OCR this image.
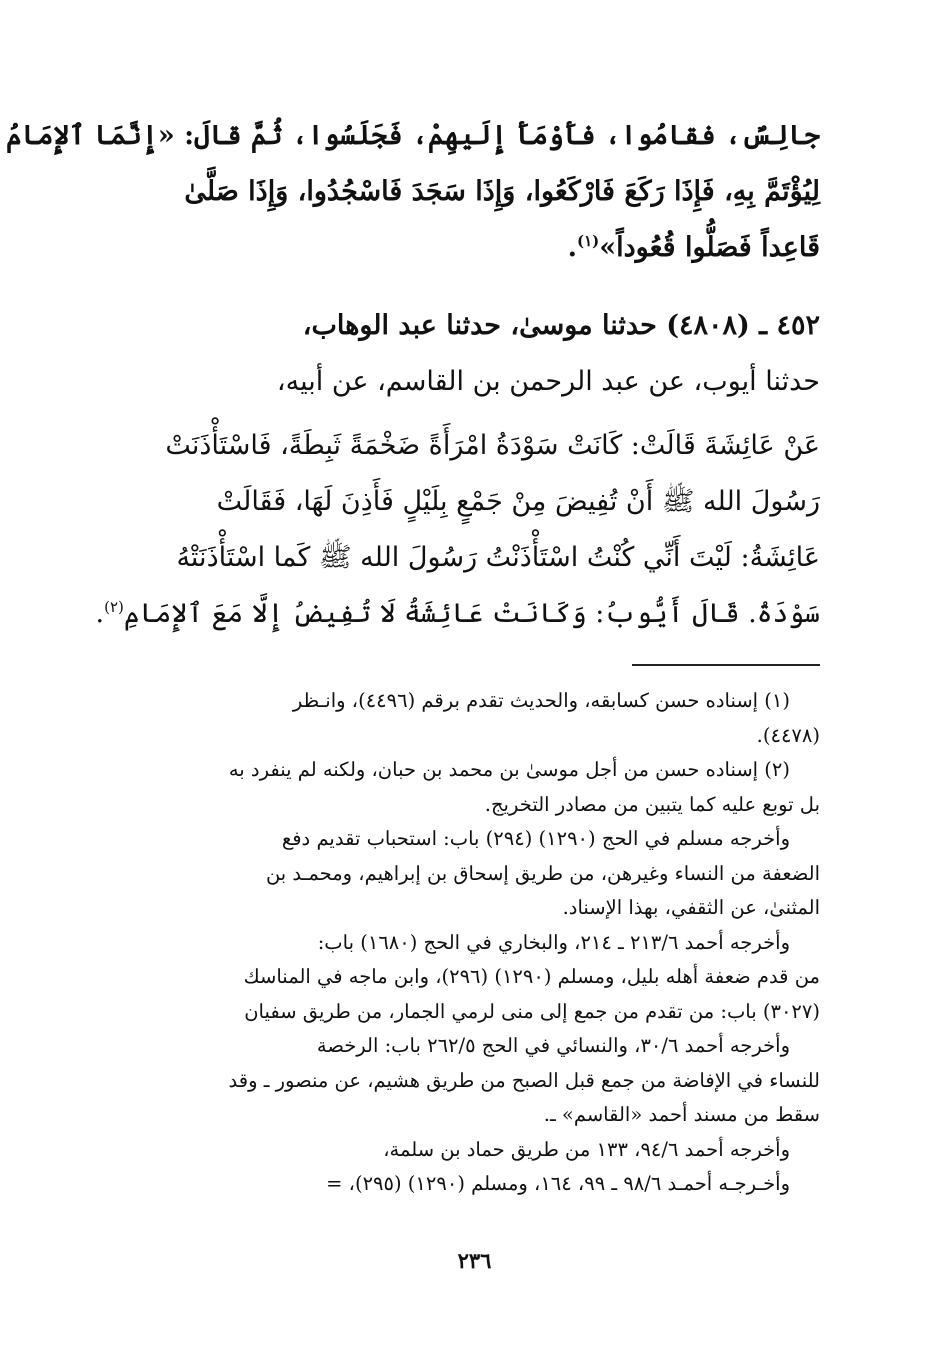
جالِسٌ، فقامُوا، فأَوْمَأَ إِلَيهِمْ، فَجَلَسُوا، ثُمَّ قالَ: «إِنَّمَا ٱلإِمَامُ
لِيُؤْتَمَّ بِهِ، فَإِذَا رَكَعَ فَارْكَعُوا، وَإِذَا سَجَدَ فَاسْجُدُوا، وَإِذَا صَلَّىٰ
قَاعِداً فَصَلُّوا قُعُوداً»$^{(١)}$.
٤٥٢ ـ (٤٨٠٨) حدثنا موسىٰ، حدثنا عبد الوهاب،
حدثنا أيوب، عن عبد الرحمن بن القاسم، عن أبيه،
عَنْ عَائِشَةَ قَالَتْ: كَانَتْ سَوْدَةُ امْرَأَةً ضَخْمَةً ثَبِطَةً، فَاسْتَأْذَنَتْ
رَسُولَ الله ﷺ أَنْ تُفِيضَ مِنْ جَمْعٍ بِلَيْلٍ فَأَذِنَ لَهَا، فَقَالَتْ
عَائِشَةُ: لَيْتَ أَنِّي كُنْتُ اسْتَأْذَنْتُ رَسُولَ الله ﷺ كَما اسْتَأْذَنَتْهُ
سَوْدَةُ. قَالَ أَيُّوبُ: وَكَانَتْ عَائِشَةُ لَا تُفِيضُ إِلَّا مَعَ ٱلإِمَامِ$^{(٢)}$.
(١) إسناده حسن كسابقه، والحديث تقدم برقم (٤٤٩٦)، وانـظر
(٤٤٧٨).
(٢) إسناده حسن من أجل موسىٰ بن محمد بن حبان، ولكنه لم ينفرد به
بل توبع عليه كما يتبين من مصادر التخريج.
وأخرجه مسلم في الحج (١٢٩٠) (٢٩٤) باب: استحباب تقديم دفع
الضعفة من النساء وغيرهن، من طريق إسحاق بن إبراهيم، ومحمـد بن
المثنىٰ، عن الثقفي، بهذا الإسناد.
وأخرجه أحمد ٢١٣/٦ ـ ٢١٤، والبخاري في الحج (١٦٨٠) باب:
من قدم ضعفة أهله بليل، ومسلم (١٢٩٠) (٢٩٦)، وابن ماجه في المناسك
(٣٠٢٧) باب: من تقدم من جمع إلى منى لرمي الجمار، من طريق سفيان
وأخرجه أحمد ٣٠/٦، والنسائي في الحج ٢٦٢/٥ باب: الرخصة
للنساء في الإفاضة من جمع قبل الصبح من طريق هشيم، عن منصور ـ وقد
سقط من مسند أحمد «القاسم» ـ.
وأخرجه أحمد ٩٤/٦، ١٣٣ من طريق حماد بن سلمة،
وأخـرجـه أحمـد ٩٨/٦ ـ ٩٩، ١٦٤، ومسلم (١٢٩٠) (٢٩٥)، =
٢٣٦
